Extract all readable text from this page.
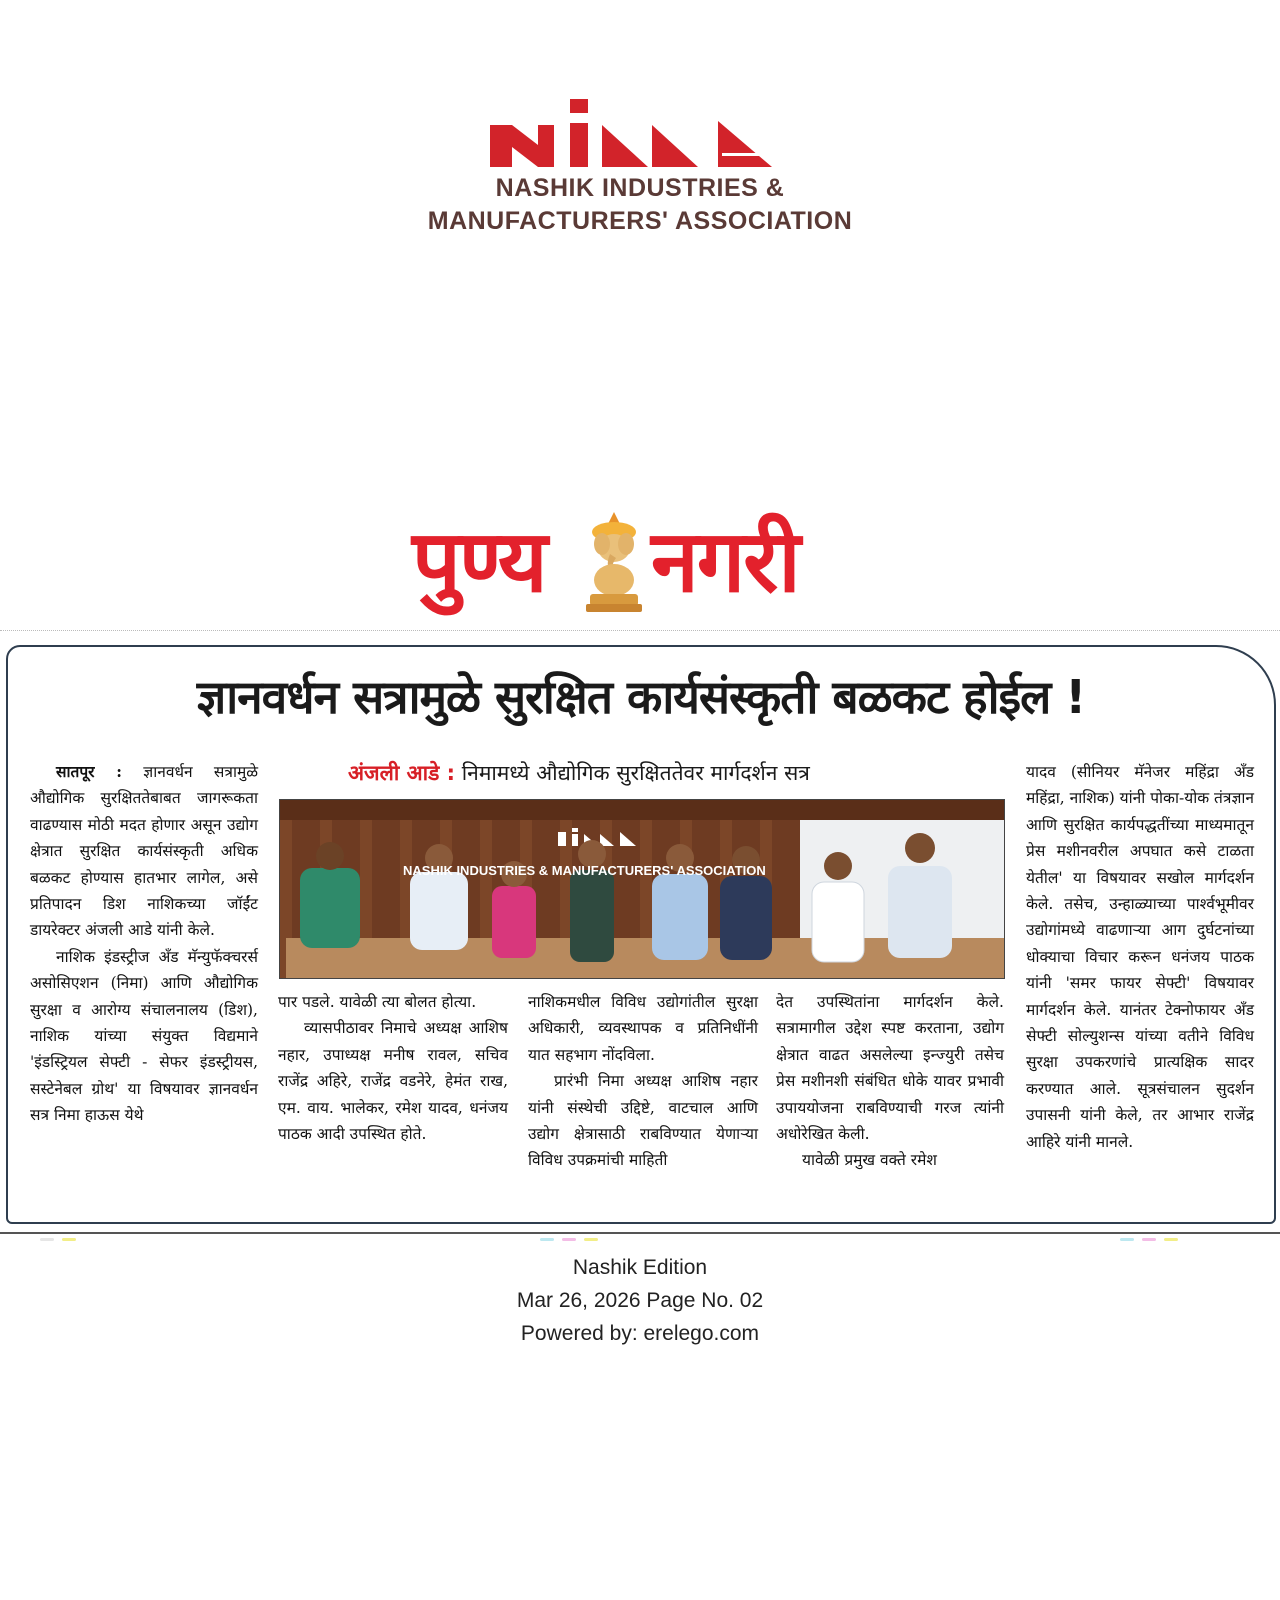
NASHIK INDUSTRIES &
MANUFACTURERS' ASSOCIATION
पुण्य नगरी
ज्ञानवर्धन सत्रामुळे सुरक्षित कार्यसंस्कृती बळकट होईल !
अंजली आडे : निमामध्ये औद्योगिक सुरक्षिततेवर मार्गदर्शन सत्र
NASHIK INDUSTRIES & MANUFACTURERS' ASSOCIATION

सातपूर : ज्ञानवर्धन सत्रामुळे औद्योगिक सुरक्षिततेबाबत जागरूकता वाढण्यास मोठी मदत होणार असून उद्योग क्षेत्रात सुरक्षित कार्यसंस्कृती अधिक बळकट होण्यास हातभार लागेल, असे प्रतिपादन डिश नाशिकच्या जॉईंट डायरेक्टर अंजली आडे यांनी केले.

नाशिक इंडस्ट्रीज अँड मॅन्युफॅक्चरर्स असोसिएशन (निमा) आणि औद्योगिक सुरक्षा व आरोग्य संचालनालय (डिश), नाशिक यांच्या संयुक्त विद्यमाने 'इंडस्ट्रियल सेफ्टी - सेफर इंडस्ट्रीयस, सस्टेनेबल ग्रोथ' या विषयावर ज्ञानवर्धन सत्र निमा हाऊस येथे

पार पडले. यावेळी त्या बोलत होत्या.

व्यासपीठावर निमाचे अध्यक्ष आशिष नहार, उपाध्यक्ष मनीष रावल, सचिव राजेंद्र अहिरे, राजेंद्र वडनेरे, हेमंत राख, एम. वाय. भालेकर, रमेश यादव, धनंजय पाठक आदी उपस्थित होते.

नाशिकमधील विविध उद्योगांतील सुरक्षा अधिकारी, व्यवस्थापक व प्रतिनिधींनी यात सहभाग नोंदविला.

प्रारंभी निमा अध्यक्ष आशिष नहार यांनी संस्थेची उद्दिष्टे, वाटचाल आणि उद्योग क्षेत्रासाठी राबविण्यात येणाऱ्या विविध उपक्रमांची माहिती

देत उपस्थितांना मार्गदर्शन केले. सत्रामागील उद्देश स्पष्ट करताना, उद्योग क्षेत्रात वाढत असलेल्या इन्ज्युरी तसेच प्रेस मशीनशी संबंधित धोके यावर प्रभावी उपाययोजना राबविण्याची गरज त्यांनी अधोरेखित केली.

यावेळी प्रमुख वक्ते रमेश

यादव (सीनियर मॅनेजर महिंद्रा अँड महिंद्रा, नाशिक) यांनी पोका-योक तंत्रज्ञान आणि सुरक्षित कार्यपद्धतींच्या माध्यमातून प्रेस मशीनवरील अपघात कसे टाळता येतील' या विषयावर सखोल मार्गदर्शन केले. तसेच, उन्हाळ्याच्या पार्श्वभूमीवर उद्योगांमध्ये वाढणाऱ्या आग दुर्घटनांच्या धोक्याचा विचार करून धनंजय पाठक यांनी 'समर फायर सेफ्टी' विषयावर मार्गदर्शन केले. यानंतर टेक्नोफायर अँड सेफ्टी सोल्युशन्स यांच्या वतीने विविध सुरक्षा उपकरणांचे प्रात्यक्षिक सादर करण्यात आले. सूत्रसंचालन सुदर्शन उपासनी यांनी केले, तर आभार राजेंद्र आहिरे यांनी मानले.

Nashik Edition
Mar 26, 2026 Page No. 02
Powered by: erelego.com
